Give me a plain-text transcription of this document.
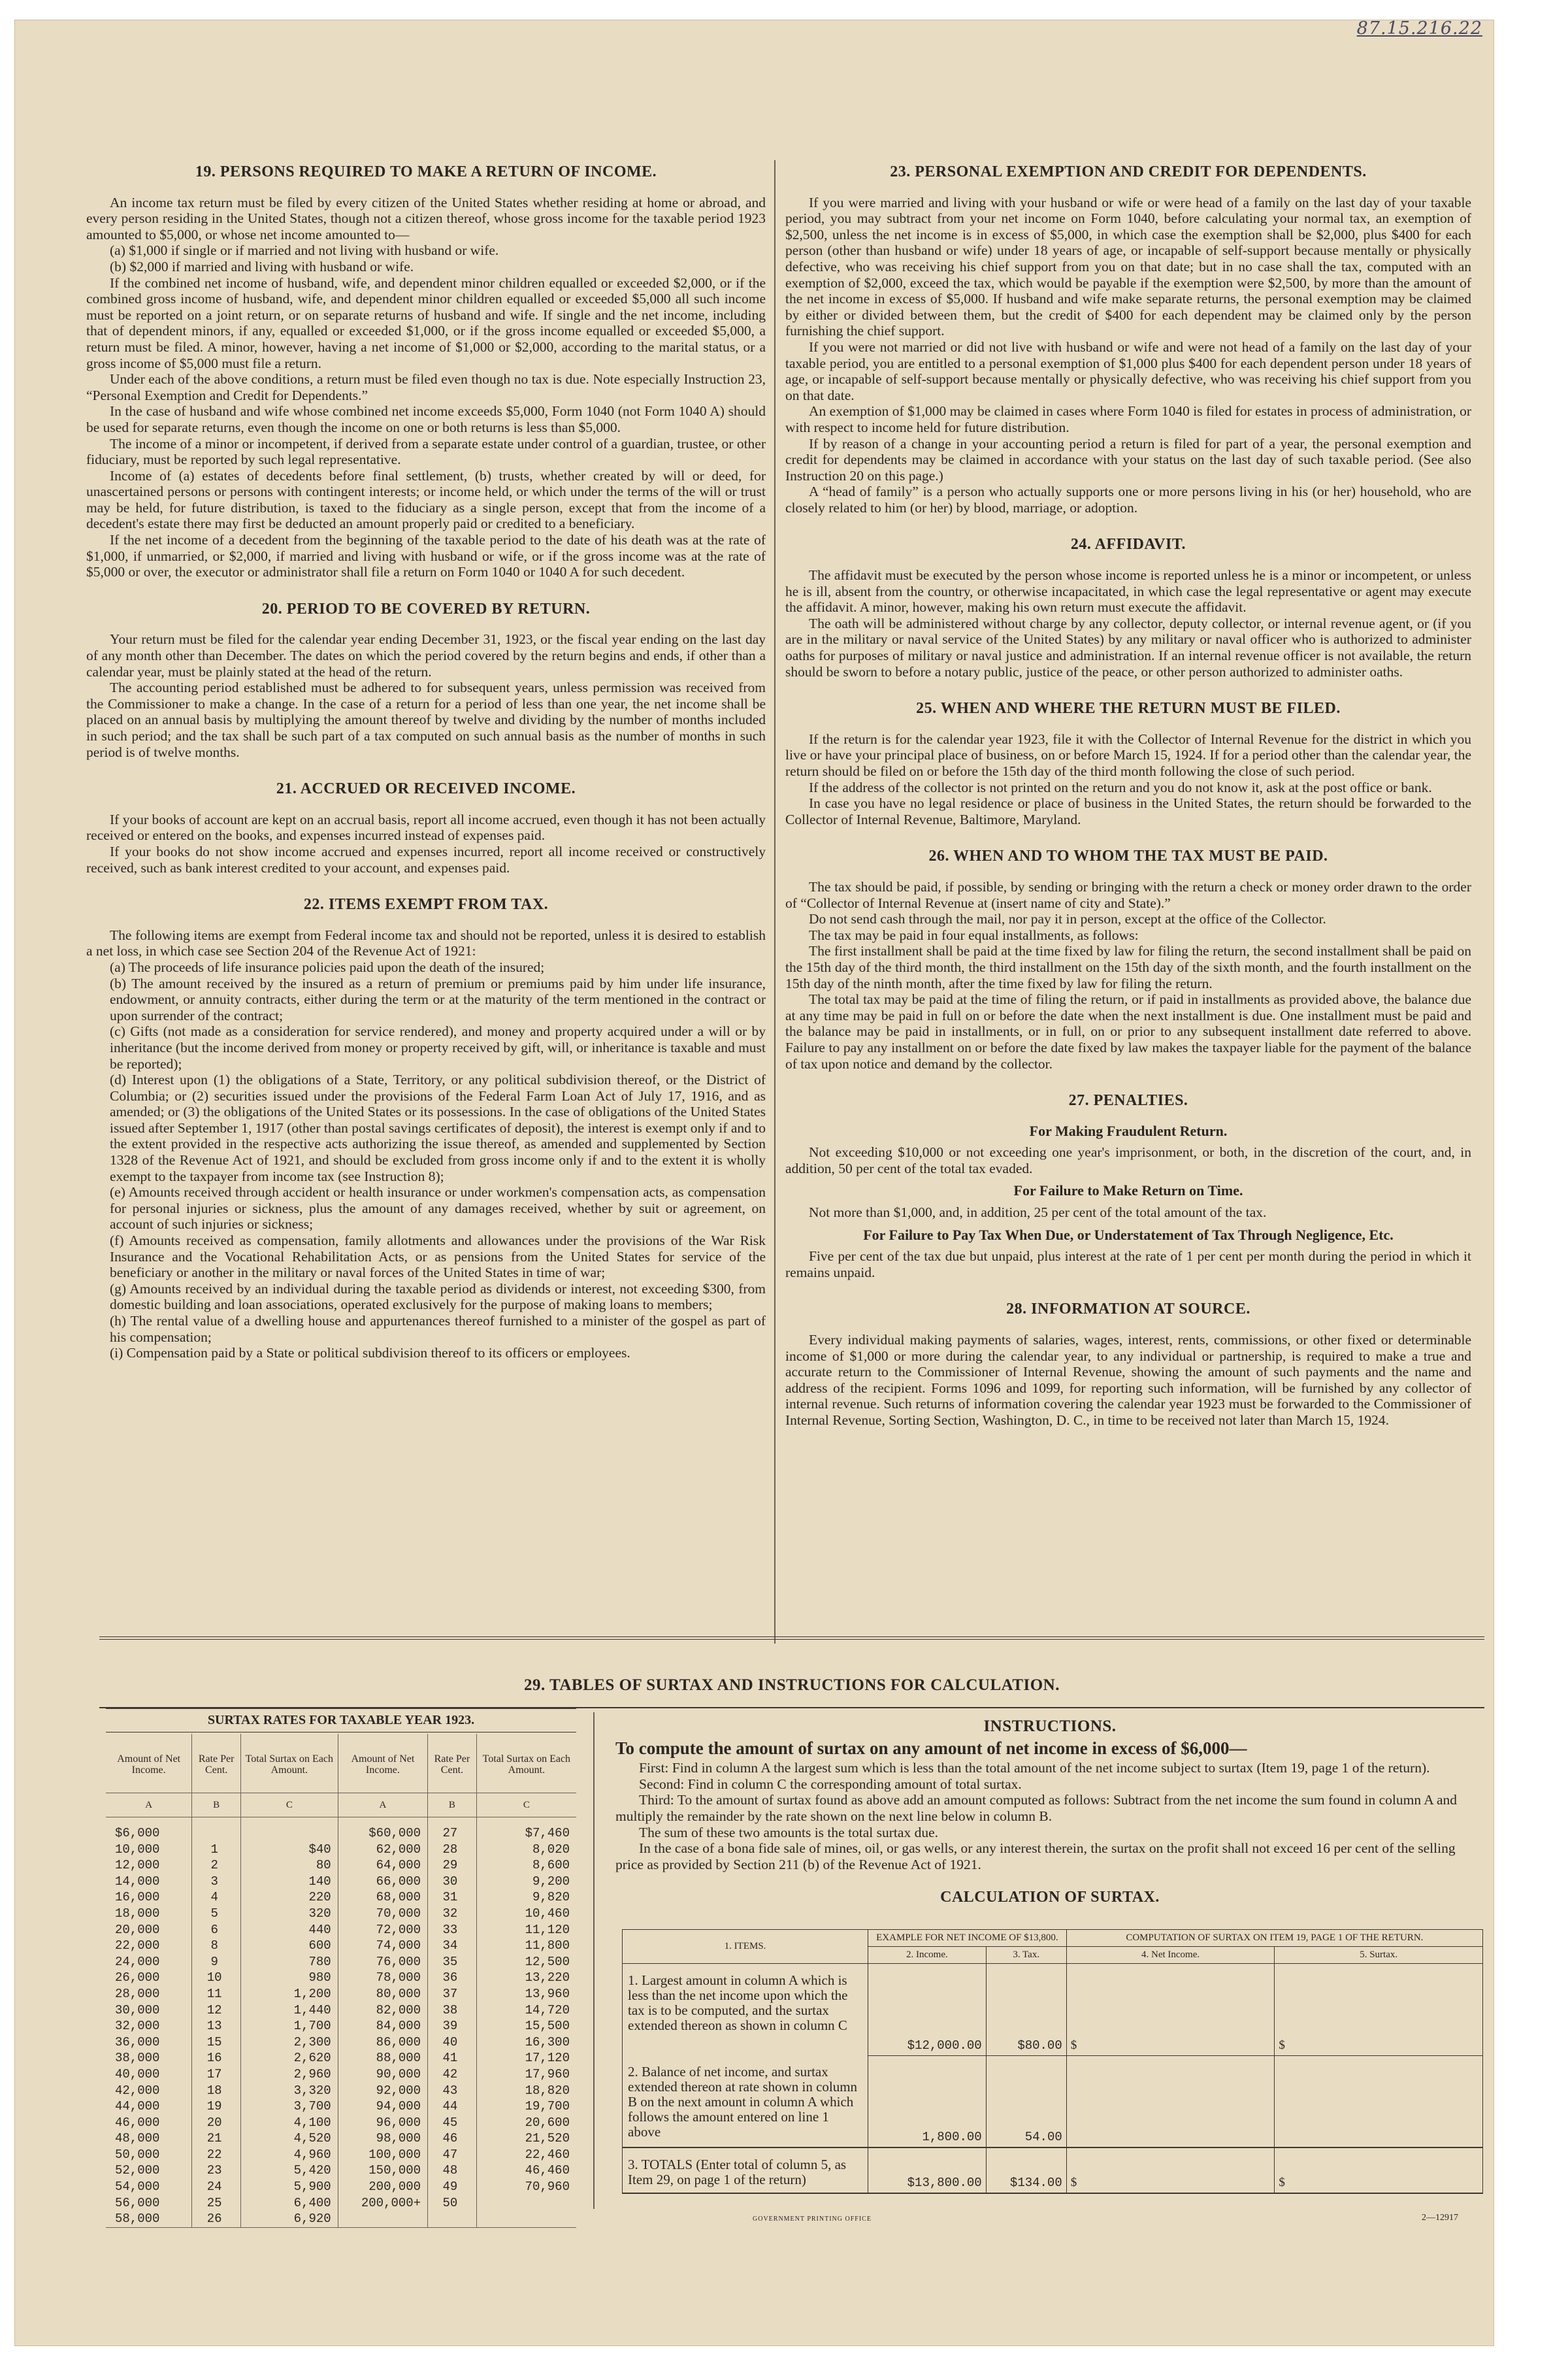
87.15.216.22
19. PERSONS REQUIRED TO MAKE A RETURN OF INCOME.

An income tax return must be filed by every citizen of the United States whether residing at home or abroad, and every person residing in the United States, though not a citizen thereof, whose gross income for the taxable period 1923 amounted to $5,000, or whose net income amounted to—

(a) $1,000 if single or if married and not living with husband or wife.

(b) $2,000 if married and living with husband or wife.

If the combined net income of husband, wife, and dependent minor children equalled or exceeded $2,000, or if the combined gross income of husband, wife, and dependent minor children equalled or exceeded $5,000 all such income must be reported on a joint return, or on separate returns of husband and wife. If single and the net income, including that of dependent minors, if any, equalled or exceeded $1,000, or if the gross income equalled or exceeded $5,000, a return must be filed. A minor, however, having a net income of $1,000 or $2,000, according to the marital status, or a gross income of $5,000 must file a return.

Under each of the above conditions, a return must be filed even though no tax is due. Note especially Instruction 23, “Personal Exemption and Credit for Dependents.”

In the case of husband and wife whose combined net income exceeds $5,000, Form 1040 (not Form 1040 A) should be used for separate returns, even though the income on one or both returns is less than $5,000.

The income of a minor or incompetent, if derived from a separate estate under control of a guardian, trustee, or other fiduciary, must be reported by such legal representative.

Income of (a) estates of decedents before final settlement, (b) trusts, whether created by will or deed, for unascertained persons or persons with contingent interests; or income held, or which under the terms of the will or trust may be held, for future distribution, is taxed to the fiduciary as a single person, except that from the income of a decedent's estate there may first be deducted an amount properly paid or credited to a beneficiary.

If the net income of a decedent from the beginning of the taxable period to the date of his death was at the rate of $1,000, if unmarried, or $2,000, if married and living with husband or wife, or if the gross income was at the rate of $5,000 or over, the executor or administrator shall file a return on Form 1040 or 1040 A for such decedent.

20. PERIOD TO BE COVERED BY RETURN.

Your return must be filed for the calendar year ending December 31, 1923, or the fiscal year ending on the last day of any month other than December. The dates on which the period covered by the return begins and ends, if other than a calendar year, must be plainly stated at the head of the return.

The accounting period established must be adhered to for subsequent years, unless permission was received from the Commissioner to make a change. In the case of a return for a period of less than one year, the net income shall be placed on an annual basis by multiplying the amount thereof by twelve and dividing by the number of months included in such period; and the tax shall be such part of a tax computed on such annual basis as the number of months in such period is of twelve months.

21. ACCRUED OR RECEIVED INCOME.

If your books of account are kept on an accrual basis, report all income accrued, even though it has not been actually received or entered on the books, and expenses incurred instead of expenses paid.

If your books do not show income accrued and expenses incurred, report all income received or constructively received, such as bank interest credited to your account, and expenses paid.

22. ITEMS EXEMPT FROM TAX.

The following items are exempt from Federal income tax and should not be reported, unless it is desired to establish a net loss, in which case see Section 204 of the Revenue Act of 1921:

(a) The proceeds of life insurance policies paid upon the death of the insured;

(b) The amount received by the insured as a return of premium or premiums paid by him under life insurance, endowment, or annuity contracts, either during the term or at the maturity of the term mentioned in the contract or upon surrender of the contract;

(c) Gifts (not made as a consideration for service rendered), and money and property acquired under a will or by inheritance (but the income derived from money or property received by gift, will, or inheritance is taxable and must be reported);

(d) Interest upon (1) the obligations of a State, Territory, or any political subdivision thereof, or the District of Columbia; or (2) securities issued under the provisions of the Federal Farm Loan Act of July 17, 1916, and as amended; or (3) the obligations of the United States or its possessions. In the case of obligations of the United States issued after September 1, 1917 (other than postal savings certificates of deposit), the interest is exempt only if and to the extent provided in the respective acts authorizing the issue thereof, as amended and supplemented by Section 1328 of the Revenue Act of 1921, and should be excluded from gross income only if and to the extent it is wholly exempt to the taxpayer from income tax (see Instruction 8);

(e) Amounts received through accident or health insurance or under workmen's compensation acts, as compensation for personal injuries or sickness, plus the amount of any damages received, whether by suit or agreement, on account of such injuries or sickness;

(f) Amounts received as compensation, family allotments and allowances under the provisions of the War Risk Insurance and the Vocational Rehabilitation Acts, or as pensions from the United States for service of the beneficiary or another in the military or naval forces of the United States in time of war;

(g) Amounts received by an individual during the taxable period as dividends or interest, not exceeding $300, from domestic building and loan associations, operated exclusively for the purpose of making loans to members;

(h) The rental value of a dwelling house and appurtenances thereof furnished to a minister of the gospel as part of his compensation;

(i) Compensation paid by a State or political subdivision thereof to its officers or employees.

23. PERSONAL EXEMPTION AND CREDIT FOR DEPENDENTS.

If you were married and living with your husband or wife or were head of a family on the last day of your taxable period, you may subtract from your net income on Form 1040, before calculating your normal tax, an exemption of $2,500, unless the net income is in excess of $5,000, in which case the exemption shall be $2,000, plus $400 for each person (other than husband or wife) under 18 years of age, or incapable of self-support because mentally or physically defective, who was receiving his chief support from you on that date; but in no case shall the tax, computed with an exemption of $2,000, exceed the tax, which would be payable if the exemption were $2,500, by more than the amount of the net income in excess of $5,000. If husband and wife make separate returns, the personal exemption may be claimed by either or divided between them, but the credit of $400 for each dependent may be claimed only by the person furnishing the chief support.

If you were not married or did not live with husband or wife and were not head of a family on the last day of your taxable period, you are entitled to a personal exemption of $1,000 plus $400 for each dependent person under 18 years of age, or incapable of self-support because mentally or physically defective, who was receiving his chief support from you on that date.

An exemption of $1,000 may be claimed in cases where Form 1040 is filed for estates in process of administration, or with respect to income held for future distribution.

If by reason of a change in your accounting period a return is filed for part of a year, the personal exemption and credit for dependents may be claimed in accordance with your status on the last day of such taxable period. (See also Instruction 20 on this page.)

A “head of family” is a person who actually supports one or more persons living in his (or her) household, who are closely related to him (or her) by blood, marriage, or adoption.

24. AFFIDAVIT.

The affidavit must be executed by the person whose income is reported unless he is a minor or incompetent, or unless he is ill, absent from the country, or otherwise incapacitated, in which case the legal representative or agent may execute the affidavit. A minor, however, making his own return must execute the affidavit.

The oath will be administered without charge by any collector, deputy collector, or internal revenue agent, or (if you are in the military or naval service of the United States) by any military or naval officer who is authorized to administer oaths for purposes of military or naval justice and administration. If an internal revenue officer is not available, the return should be sworn to before a notary public, justice of the peace, or other person authorized to administer oaths.

25. WHEN AND WHERE THE RETURN MUST BE FILED.

If the return is for the calendar year 1923, file it with the Collector of Internal Revenue for the district in which you live or have your principal place of business, on or before March 15, 1924. If for a period other than the calendar year, the return should be filed on or before the 15th day of the third month following the close of such period.

If the address of the collector is not printed on the return and you do not know it, ask at the post office or bank.

In case you have no legal residence or place of business in the United States, the return should be forwarded to the Collector of Internal Revenue, Baltimore, Maryland.

26. WHEN AND TO WHOM THE TAX MUST BE PAID.

The tax should be paid, if possible, by sending or bringing with the return a check or money order drawn to the order of “Collector of Internal Revenue at (insert name of city and State).”

Do not send cash through the mail, nor pay it in person, except at the office of the Collector.

The tax may be paid in four equal installments, as follows:

The first installment shall be paid at the time fixed by law for filing the return, the second installment shall be paid on the 15th day of the third month, the third installment on the 15th day of the sixth month, and the fourth installment on the 15th day of the ninth month, after the time fixed by law for filing the return.

The total tax may be paid at the time of filing the return, or if paid in installments as provided above, the balance due at any time may be paid in full on or before the date when the next installment is due. One installment must be paid and the balance may be paid in installments, or in full, on or prior to any subsequent installment date referred to above. Failure to pay any installment on or before the date fixed by law makes the taxpayer liable for the payment of the balance of tax upon notice and demand by the collector.

27. PENALTIES.
For Making Fraudulent Return.

Not exceeding $10,000 or not exceeding one year's imprisonment, or both, in the discretion of the court, and, in addition, 50 per cent of the total tax evaded.

For Failure to Make Return on Time.

Not more than $1,000, and, in addition, 25 per cent of the total amount of the tax.

For Failure to Pay Tax When Due, or Understatement of Tax Through Negligence, Etc.

Five per cent of the tax due but unpaid, plus interest at the rate of 1 per cent per month during the period in which it remains unpaid.

28. INFORMATION AT SOURCE.

Every individual making payments of salaries, wages, interest, rents, commissions, or other fixed or determinable income of $1,000 or more during the calendar year, to any individual or partnership, is required to make a true and accurate return to the Commissioner of Internal Revenue, showing the amount of such payments and the name and address of the recipient. Forms 1096 and 1099, for reporting such information, will be furnished by any collector of internal revenue. Such returns of information covering the calendar year 1923 must be forwarded to the Commissioner of Internal Revenue, Sorting Section, Washington, D. C., in time to be received not later than March 15, 1924.

29. TABLES OF SURTAX AND INSTRUCTIONS FOR CALCULATION.
SURTAX RATES FOR TAXABLE YEAR 1923.
Amount of Net Income.	Rate Per Cent.	Total Surtax on Each Amount.	Amount of Net Income.	Rate Per Cent.	Total Surtax on Each Amount.
A	B	C	A	B	C
$6,000			$60,000	27	$7,460
10,000	1	$40	62,000	28	8,020
12,000	2	80	64,000	29	8,600
14,000	3	140	66,000	30	9,200
16,000	4	220	68,000	31	9,820
18,000	5	320	70,000	32	10,460
20,000	6	440	72,000	33	11,120
22,000	8	600	74,000	34	11,800
24,000	9	780	76,000	35	12,500
26,000	10	980	78,000	36	13,220
28,000	11	1,200	80,000	37	13,960
30,000	12	1,440	82,000	38	14,720
32,000	13	1,700	84,000	39	15,500
36,000	15	2,300	86,000	40	16,300
38,000	16	2,620	88,000	41	17,120
40,000	17	2,960	90,000	42	17,960
42,000	18	3,320	92,000	43	18,820
44,000	19	3,700	94,000	44	19,700
46,000	20	4,100	96,000	45	20,600
48,000	21	4,520	98,000	46	21,520
50,000	22	4,960	100,000	47	22,460
52,000	23	5,420	150,000	48	46,460
54,000	24	5,900	200,000	49	70,960
56,000	25	6,400	200,000+	50	
58,000	26	6,920			
INSTRUCTIONS.
To compute the amount of surtax on any amount of net income in excess of $6,000—

First: Find in column A the largest sum which is less than the total amount of the net income subject to surtax (Item 19, page 1 of the return).

Second: Find in column C the corresponding amount of total surtax.

Third: To the amount of surtax found as above add an amount computed as follows: Subtract from the net income the sum found in column A and multiply the remainder by the rate shown on the next line below in column B.

The sum of these two amounts is the total surtax due.

In the case of a bona fide sale of mines, oil, or gas wells, or any interest therein, the surtax on the profit shall not exceed 16 per cent of the selling price as provided by Section 211 (b) of the Revenue Act of 1921.

CALCULATION OF SURTAX.
1. ITEMS.	EXAMPLE FOR NET INCOME OF $13,800.		COMPUTATION OF SURTAX ON ITEM 19, PAGE 1 OF THE RETURN.	
	2. Income.	3. Tax.	4. Net Income.	5. Surtax.
1. Largest amount in column A which is less than the net income upon which the tax is to be computed, and the surtax extended thereon as shown in column C	$12,000.00	$80.00	$	$
2. Balance of net income, and surtax extended thereon at rate shown in column B on the next amount in column A which follows the amount entered on line 1 above	1,800.00	54.00		
3. TOTALS (Enter total of column 5, as Item 29, on page 1 of the return)	$13,800.00	$134.00	$	$
GOVERNMENT PRINTING OFFICE	2—12917
